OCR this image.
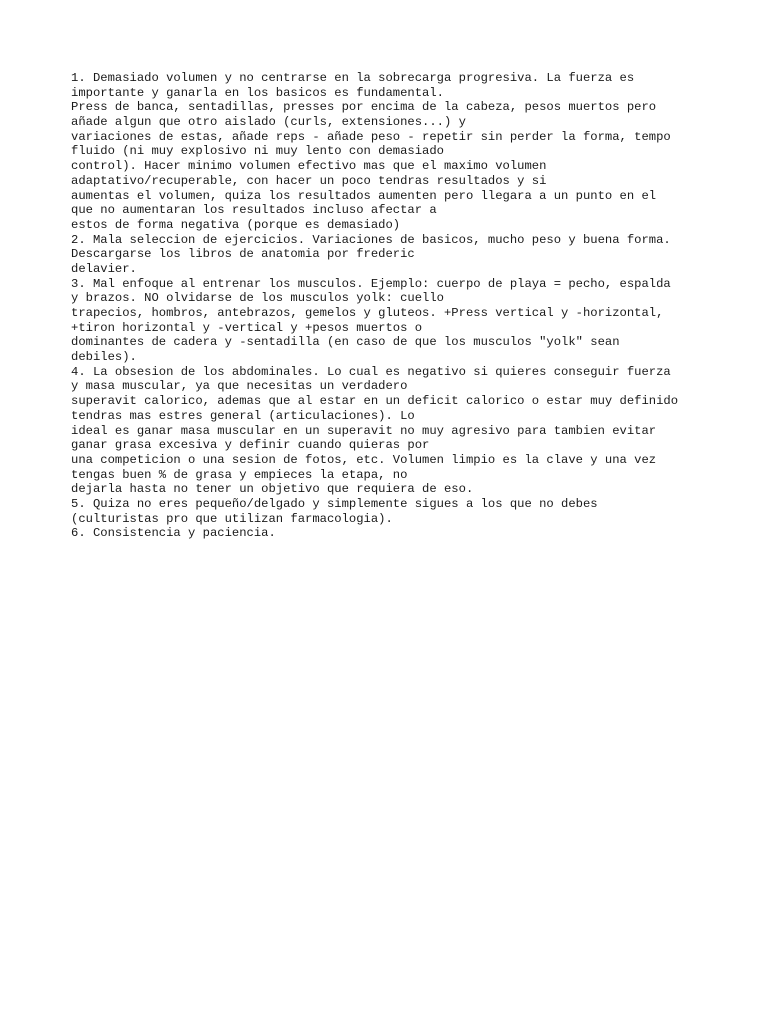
1. Demasiado volumen y no centrarse en la sobrecarga progresiva. La fuerza es
importante y ganarla en los basicos es fundamental.
Press de banca, sentadillas, presses por encima de la cabeza, pesos muertos pero
añade algun que otro aislado (curls, extensiones...) y
variaciones de estas, añade reps - añade peso - repetir sin perder la forma, tempo
fluido (ni muy explosivo ni muy lento con demasiado
control). Hacer minimo volumen efectivo mas que el maximo volumen
adaptativo/recuperable, con hacer un poco tendras resultados y si
aumentas el volumen, quiza los resultados aumenten pero llegara a un punto en el
que no aumentaran los resultados incluso afectar a
estos de forma negativa (porque es demasiado)
2. Mala seleccion de ejercicios. Variaciones de basicos, mucho peso y buena forma.
Descargarse los libros de anatomia por frederic
delavier.
3. Mal enfoque al entrenar los musculos. Ejemplo: cuerpo de playa = pecho, espalda
y brazos. NO olvidarse de los musculos yolk: cuello
trapecios, hombros, antebrazos, gemelos y gluteos. +Press vertical y -horizontal,
+tiron horizontal y -vertical y +pesos muertos o
dominantes de cadera y -sentadilla (en caso de que los musculos "yolk" sean
debiles).
4. La obsesion de los abdominales. Lo cual es negativo si quieres conseguir fuerza
y masa muscular, ya que necesitas un verdadero
superavit calorico, ademas que al estar en un deficit calorico o estar muy definido
tendras mas estres general (articulaciones). Lo
ideal es ganar masa muscular en un superavit no muy agresivo para tambien evitar
ganar grasa excesiva y definir cuando quieras por
una competicion o una sesion de fotos, etc. Volumen limpio es la clave y una vez
tengas buen % de grasa y empieces la etapa, no
dejarla hasta no tener un objetivo que requiera de eso.
5. Quiza no eres pequeño/delgado y simplemente sigues a los que no debes
(culturistas pro que utilizan farmacologia).
6. Consistencia y paciencia.
